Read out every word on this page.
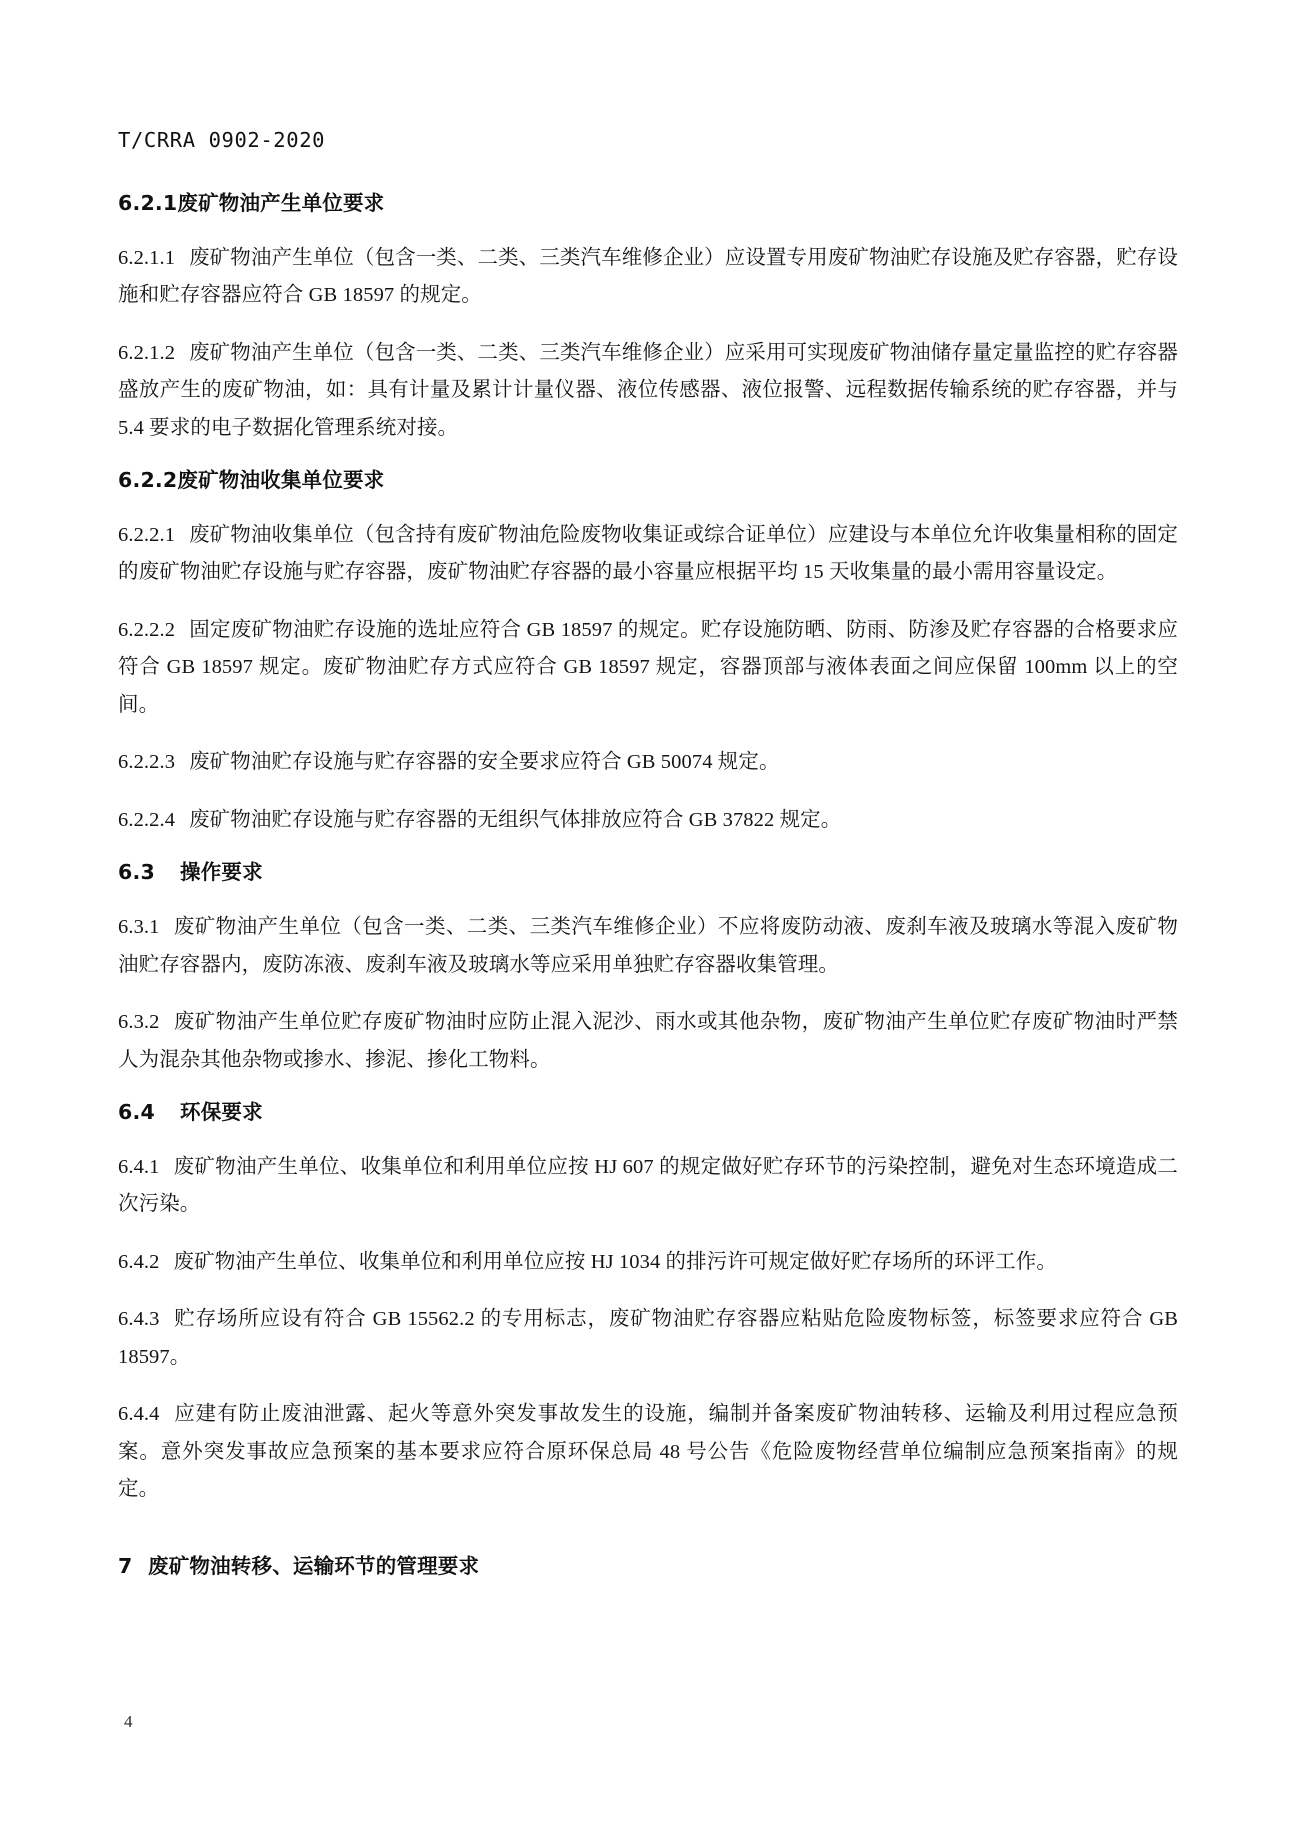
T/CRRA 0902-2020
6.2.1废矿物油产生单位要求

6.2.1.1 废矿物油产生单位（包含一类、二类、三类汽车维修企业）应设置专用废矿物油贮存设施及贮存容器，贮存设施和贮存容器应符合 GB 18597 的规定。

6.2.1.2 废矿物油产生单位（包含一类、二类、三类汽车维修企业）应采用可实现废矿物油储存量定量监控的贮存容器盛放产生的废矿物油，如：具有计量及累计计量仪器、液位传感器、液位报警、远程数据传输系统的贮存容器，并与 5.4 要求的电子数据化管理系统对接。

6.2.2废矿物油收集单位要求

6.2.2.1 废矿物油收集单位（包含持有废矿物油危险废物收集证或综合证单位）应建设与本单位允许收集量相称的固定的废矿物油贮存设施与贮存容器，废矿物油贮存容器的最小容量应根据平均 15 天收集量的最小需用容量设定。

6.2.2.2 固定废矿物油贮存设施的选址应符合 GB 18597 的规定。贮存设施防晒、防雨、防渗及贮存容器的合格要求应符合 GB 18597 规定。废矿物油贮存方式应符合 GB 18597 规定，容器顶部与液体表面之间应保留 100mm 以上的空间。

6.2.2.3 废矿物油贮存设施与贮存容器的安全要求应符合 GB 50074 规定。

6.2.2.4 废矿物油贮存设施与贮存容器的无组织气体排放应符合 GB 37822 规定。

6.3 操作要求

6.3.1 废矿物油产生单位（包含一类、二类、三类汽车维修企业）不应将废防动液、废刹车液及玻璃水等混入废矿物油贮存容器内，废防冻液、废刹车液及玻璃水等应采用单独贮存容器收集管理。

6.3.2 废矿物油产生单位贮存废矿物油时应防止混入泥沙、雨水或其他杂物，废矿物油产生单位贮存废矿物油时严禁人为混杂其他杂物或掺水、掺泥、掺化工物料。

6.4 环保要求

6.4.1 废矿物油产生单位、收集单位和利用单位应按 HJ 607 的规定做好贮存环节的污染控制，避免对生态环境造成二次污染。

6.4.2 废矿物油产生单位、收集单位和利用单位应按 HJ 1034 的排污许可规定做好贮存场所的环评工作。

6.4.3 贮存场所应设有符合 GB 15562.2 的专用标志，废矿物油贮存容器应粘贴危险废物标签，标签要求应符合 GB 18597。

6.4.4 应建有防止废油泄露、起火等意外突发事故发生的设施，编制并备案废矿物油转移、运输及利用过程应急预案。意外突发事故应急预案的基本要求应符合原环保总局 48 号公告《危险废物经营单位编制应急预案指南》的规定。

7 废矿物油转移、运输环节的管理要求
4
